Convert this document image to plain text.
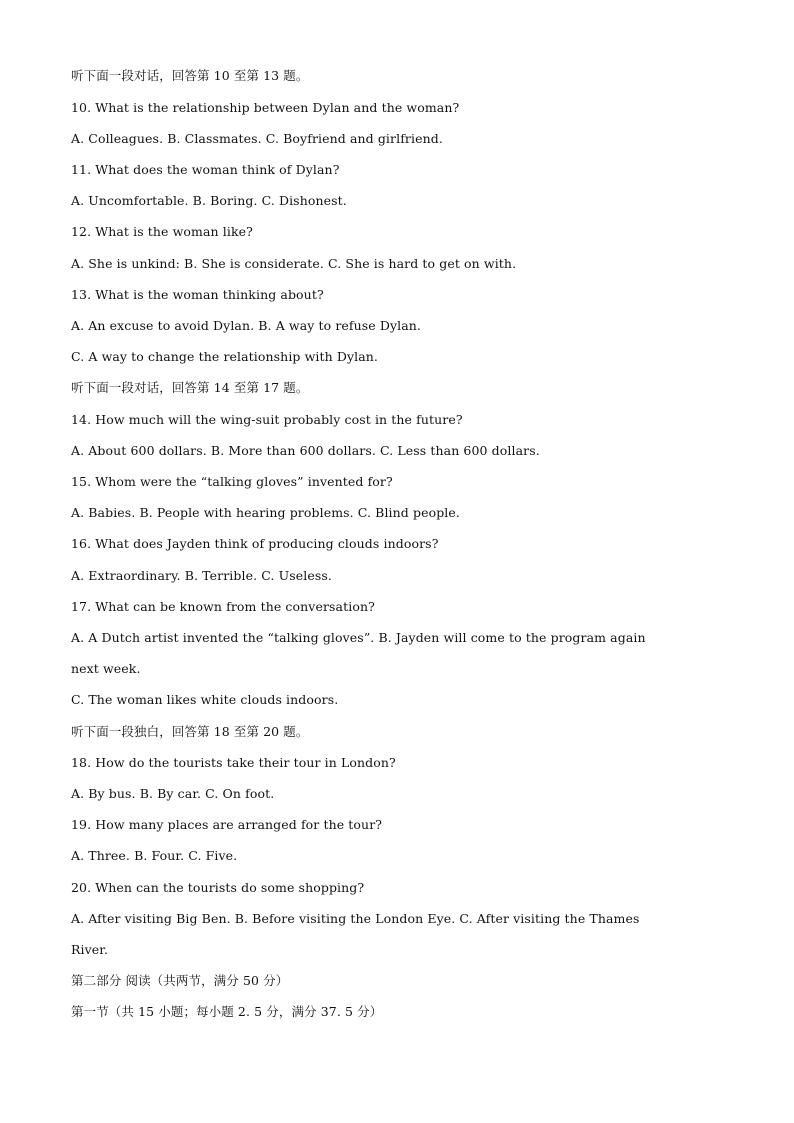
听下面一段对话，回答第 10 至第 13 题。
10. What is the relationship between Dylan and the woman?
A. Colleagues. B. Classmates. C. Boyfriend and girlfriend.
11. What does the woman think of Dylan?
A. Uncomfortable. B. Boring. C. Dishonest.
12. What is the woman like?
A. She is unkind: B. She is considerate. C. She is hard to get on with.
13. What is the woman thinking about?
A. An excuse to avoid Dylan. B. A way to refuse Dylan.
C. A way to change the relationship with Dylan.
听下面一段对话，回答第 14 至第 17 题。
14. How much will the wing-suit probably cost in the future?
A. About 600 dollars. B. More than 600 dollars. C. Less than 600 dollars.
15. Whom were the “talking gloves” invented for?
A. Babies. B. People with hearing problems. C. Blind people.
16. What does Jayden think of producing clouds indoors?
A. Extraordinary. B. Terrible. C. Useless.
17. What can be known from the conversation?
A. A Dutch artist invented the “talking gloves”. B. Jayden will come to the program again
next week.
C. The woman likes white clouds indoors.
听下面一段独白，回答第 18 至第 20 题。
18. How do the tourists take their tour in London?
A. By bus. B. By car. C. On foot.
19. How many places are arranged for the tour?
A. Three. B. Four. C. Five.
20. When can the tourists do some shopping?
A. After visiting Big Ben. B. Before visiting the London Eye. C. After visiting the Thames
River.
第二部分 阅读（共两节，满分 50 分）
第一节（共 15 小题；每小题 2. 5 分，满分 37. 5 分）
